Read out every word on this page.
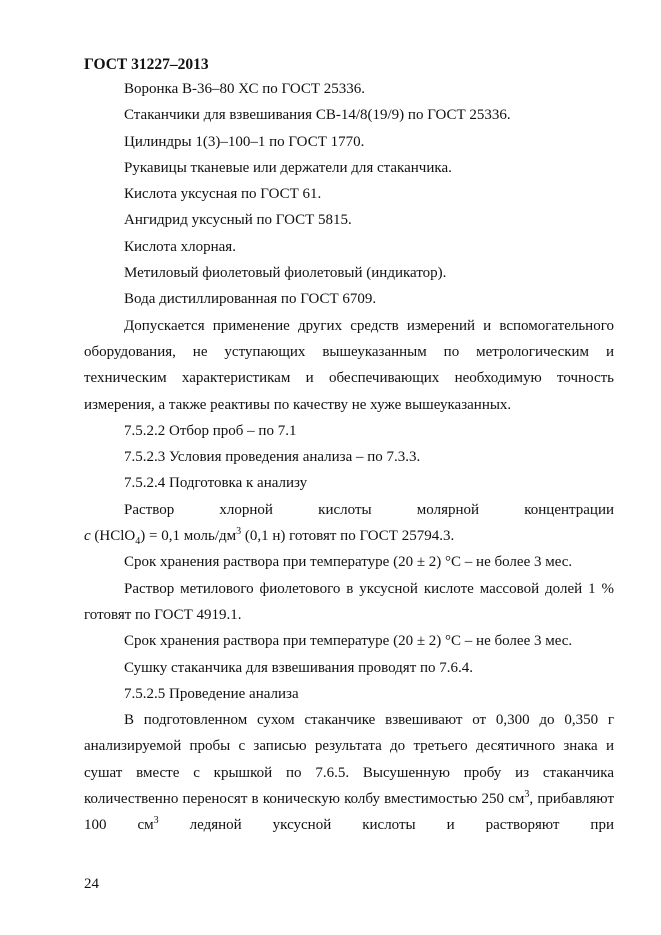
ГОСТ 31227–2013

Воронка В-36–80 ХС по ГОСТ 25336.

Стаканчики для взвешивания СВ-14/8(19/9) по ГОСТ 25336.

Цилиндры 1(3)–100–1 по ГОСТ 1770.

Рукавицы тканевые или держатели для стаканчика.

Кислота уксусная по ГОСТ 61.

Ангидрид уксусный по ГОСТ 5815.

Кислота хлорная.

Метиловый фиолетовый фиолетовый (индикатор).

Вода дистиллированная по ГОСТ 6709.

Допускается применение других средств измерений и вспомогательного оборудования, не уступающих вышеуказанным по метрологическим и техническим характеристикам и обеспечивающих необходимую точность измерения, а также реактивы по качеству не хуже вышеуказанных.

7.5.2.2 Отбор проб – по 7.1

7.5.2.3 Условия проведения анализа – по 7.3.3.

7.5.2.4 Подготовка к анализу

Раствор хлорной кислоты молярной концентрации

c (HClO$_4$) = 0,1 моль/$дм^3$ (0,1 н) готовят по ГОСТ 25794.3.

Срок хранения раствора при температуре (20 ± 2) °С – не более 3 мес.

Раствор метилового фиолетового в уксусной кислоте массовой долей 1 % готовят по ГОСТ 4919.1.

Срок хранения раствора при температуре (20 ± 2) °С – не более 3 мес.

Сушку стаканчика для взвешивания проводят по 7.6.4.

7.5.2.5 Проведение анализа

В подготовленном сухом стаканчике взвешивают от 0,300 до 0,350 г анализируемой пробы с записью результата до третьего десятичного знака и сушат вместе с крышкой по 7.6.5. Высушенную пробу из стаканчика количественно переносят в коническую колбу вместимостью 250 $см^3$, прибавляют 100 $см^3$ ледяной уксусной кислоты и растворяют при

24
